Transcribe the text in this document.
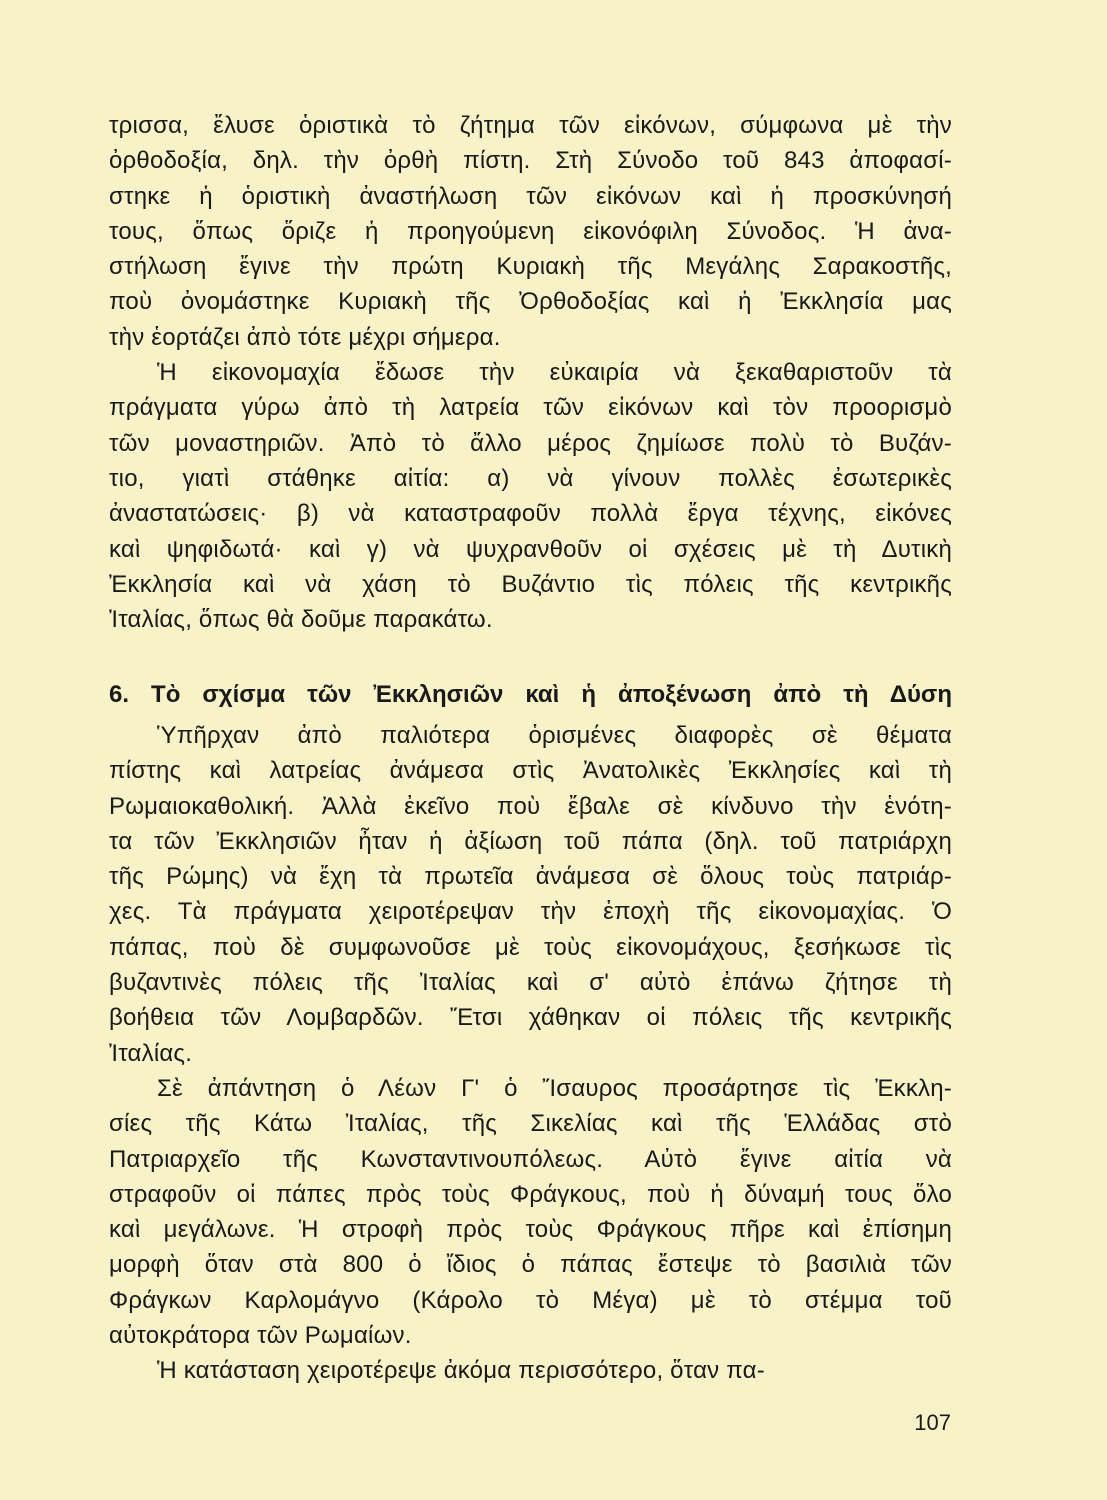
τρισσα, ἔλυσε ὁριστικὰ τὸ ζήτημα τῶν εἰκόνων, σύμφωνα μὲ τὴν
ὀρθοδοξία, δηλ. τὴν ὀρθὴ πίστη. Στὴ Σύνοδο τοῦ 843 ἀποφασί-
στηκε ἡ ὁριστικὴ ἀναστήλωση τῶν εἰκόνων καὶ ἡ προσκύνησή
τους, ὅπως ὅριζε ἡ προηγούμενη εἰκονόφιλη Σύνοδος. Ἡ ἀνα-
στήλωση ἔγινε τὴν πρώτη Κυριακὴ τῆς Μεγάλης Σαρακοστῆς,
ποὺ ὀνομάστηκε Κυριακὴ τῆς Ὀρθοδοξίας καὶ ἡ Ἐκκλησία μας
τὴν ἑορτάζει ἀπὸ τότε μέχρι σήμερα.
Ἡ εἰκονομαχία ἔδωσε τὴν εὐκαιρία νὰ ξεκαθαριστοῦν τὰ
πράγματα γύρω ἀπὸ τὴ λατρεία τῶν εἰκόνων καὶ τὸν προορισμὸ
τῶν μοναστηριῶν. Ἀπὸ τὸ ἄλλο μέρος ζημίωσε πολὺ τὸ Βυζάν-
τιο, γιατὶ στάθηκε αἰτία: α) νὰ γίνουν πολλὲς ἐσωτερικὲς
ἀναστατώσεις· β) νὰ καταστραφοῦν πολλὰ ἔργα τέχνης, εἰκόνες
καὶ ψηφιδωτά· καὶ γ) νὰ ψυχρανθοῦν οἱ σχέσεις μὲ τὴ Δυτικὴ
Ἐκκλησία καὶ νὰ χάση τὸ Βυζάντιο τὶς πόλεις τῆς κεντρικῆς
Ἰταλίας, ὅπως θὰ δοῦμε παρακάτω.
6. Τὸ σχίσμα τῶν Ἐκκλησιῶν καὶ ἡ ἀποξένωση ἀπὸ τὴ Δύση
Ὑπῆρχαν ἀπὸ παλιότερα ὁρισμένες διαφορὲς σὲ θέματα
πίστης καὶ λατρείας ἀνάμεσα στὶς Ἀνατολικὲς Ἐκκλησίες καὶ τὴ
Ρωμαιοκαθολική. Ἀλλὰ ἐκεῖνο ποὺ ἔβαλε σὲ κίνδυνο τὴν ἑνότη-
τα τῶν Ἐκκλησιῶν ἦταν ἡ ἀξίωση τοῦ πάπα (δηλ. τοῦ πατριάρχη
τῆς Ρώμης) νὰ ἔχη τὰ πρωτεῖα ἀνάμεσα σὲ ὅλους τοὺς πατριάρ-
χες. Τὰ πράγματα χειροτέρεψαν τὴν ἐποχὴ τῆς εἰκονομαχίας. Ὁ
πάπας, ποὺ δὲ συμφωνοῦσε μὲ τοὺς εἰκονομάχους, ξεσήκωσε τὶς
βυζαντινὲς πόλεις τῆς Ἰταλίας καὶ σ' αὐτὸ ἐπάνω ζήτησε τὴ
βοήθεια τῶν Λομβαρδῶν. Ἔτσι χάθηκαν οἱ πόλεις τῆς κεντρικῆς
Ἰταλίας.
Σὲ ἀπάντηση ὁ Λέων Γ' ὁ Ἴσαυρος προσάρτησε τὶς Ἐκκλη-
σίες τῆς Κάτω Ἰταλίας, τῆς Σικελίας καὶ τῆς Ἑλλάδας στὸ
Πατριαρχεῖο τῆς Κωνσταντινουπόλεως. Αὐτὸ ἔγινε αἰτία νὰ
στραφοῦν οἱ πάπες πρὸς τοὺς Φράγκους, ποὺ ἡ δύναμή τους ὅλο
καὶ μεγάλωνε. Ἡ στροφὴ πρὸς τοὺς Φράγκους πῆρε καὶ ἐπίσημη
μορφὴ ὅταν στὰ 800 ὁ ἴδιος ὁ πάπας ἔστεψε τὸ βασιλιὰ τῶν
Φράγκων Καρλομάγνο (Κάρολο τὸ Μέγα) μὲ τὸ στέμμα τοῦ
αὐτοκράτορα τῶν Ρωμαίων.
Ἡ κατάσταση χειροτέρεψε ἀκόμα περισσότερο, ὅταν πα-
107
